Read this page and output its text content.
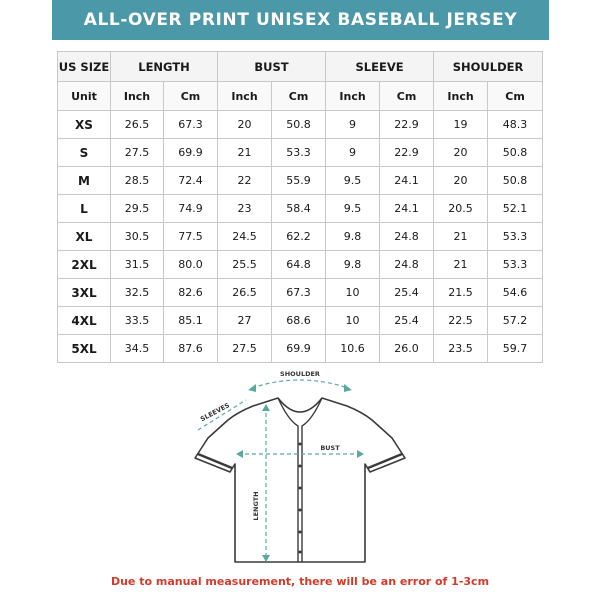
ALL-OVER PRINT UNISEX BASEBALL JERSEY
US SIZE	LENGTH		BUST		SLEEVE		SHOULDER	
Unit	Inch	Cm	Inch	Cm	Inch	Cm	Inch	Cm
XS	26.5	67.3	20	50.8	9	22.9	19	48.3
S	27.5	69.9	21	53.3	9	22.9	20	50.8
M	28.5	72.4	22	55.9	9.5	24.1	20	50.8
L	29.5	74.9	23	58.4	9.5	24.1	20.5	52.1
XL	30.5	77.5	24.5	62.2	9.8	24.8	21	53.3
2XL	31.5	80.0	25.5	64.8	9.8	24.8	21	53.3
3XL	32.5	82.6	26.5	67.3	10	25.4	21.5	54.6
4XL	33.5	85.1	27	68.6	10	25.4	22.5	57.2
5XL	34.5	87.6	27.5	69.9	10.6	26.0	23.5	59.7
SHOULDER
SLEEVES
BUST
LENGTH
Due to manual measurement, there will be an error of 1-3cm
